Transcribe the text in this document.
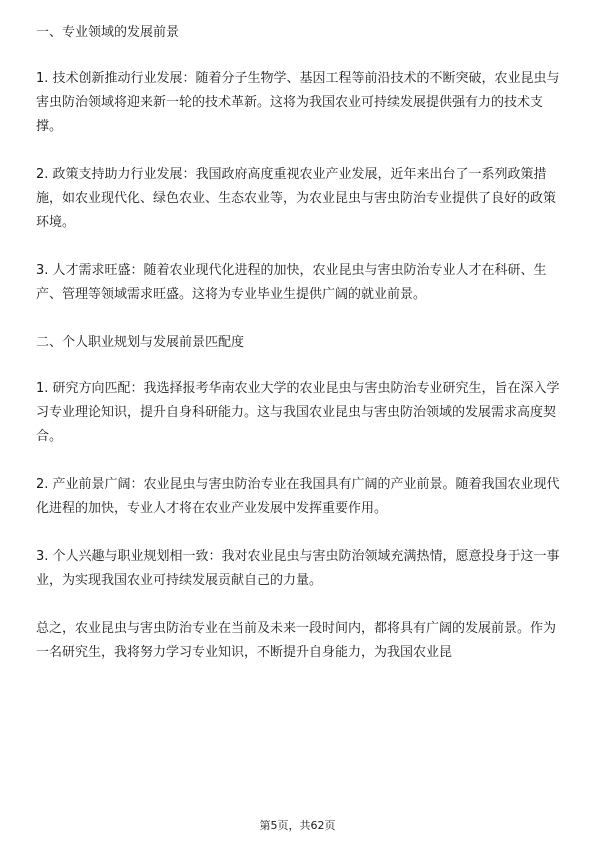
一、专业领域的发展前景

1. 技术创新推动行业发展：随着分子生物学、基因工程等前沿技术的不断突破，农业昆虫与害虫防治领域将迎来新一轮的技术革新。这将为我国农业可持续发展提供强有力的技术支撑。

2. 政策支持助力行业发展：我国政府高度重视农业产业发展，近年来出台了一系列政策措施，如农业现代化、绿色农业、生态农业等，为农业昆虫与害虫防治专业提供了良好的政策环境。

3. 人才需求旺盛：随着农业现代化进程的加快，农业昆虫与害虫防治专业人才在科研、生产、管理等领域需求旺盛。这将为专业毕业生提供广阔的就业前景。

二、个人职业规划与发展前景匹配度

1. 研究方向匹配：我选择报考华南农业大学的农业昆虫与害虫防治专业研究生，旨在深入学习专业理论知识，提升自身科研能力。这与我国农业昆虫与害虫防治领域的发展需求高度契合。

2. 产业前景广阔：农业昆虫与害虫防治专业在我国具有广阔的产业前景。随着我国农业现代化进程的加快，专业人才将在农业产业发展中发挥重要作用。

3. 个人兴趣与职业规划相一致：我对农业昆虫与害虫防治领域充满热情，愿意投身于这一事业，为实现我国农业可持续发展贡献自己的力量。

总之，农业昆虫与害虫防治专业在当前及未来一段时间内，都将具有广阔的发展前景。作为一名研究生，我将努力学习专业知识，不断提升自身能力，为我国农业昆

第5页，共62页
